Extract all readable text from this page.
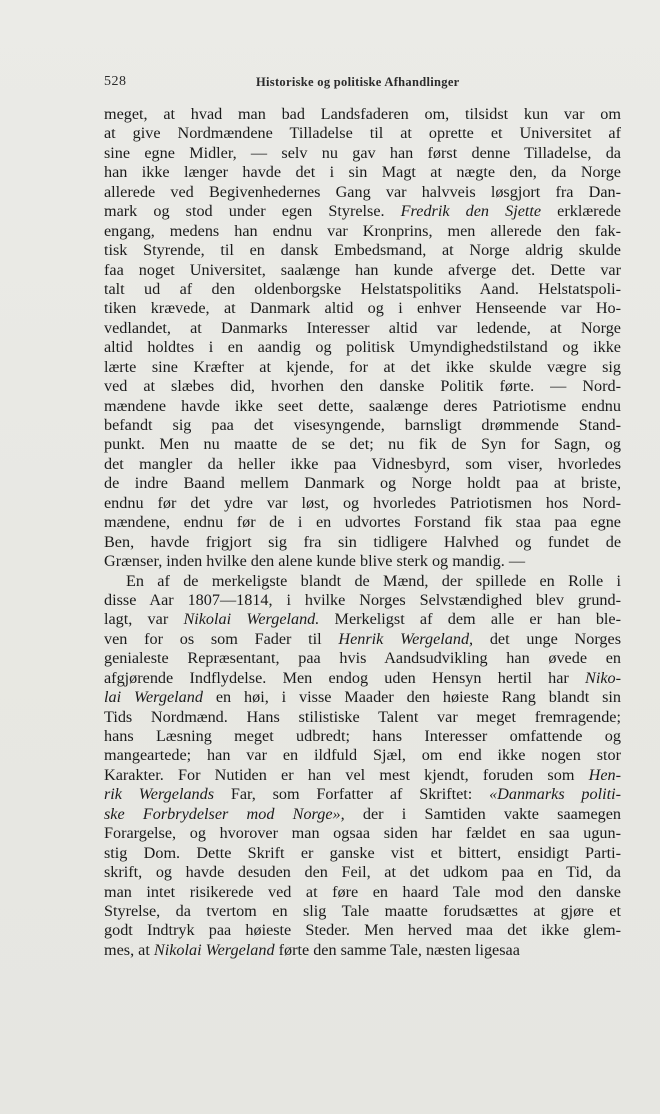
528	Historiske og politiske Afhandlinger
meget, at hvad man bad Landsfaderen om, tilsidst kun var om
at give Nordmændene Tilladelse til at oprette et Universitet af
sine egne Midler, — selv nu gav han først denne Tilladelse, da
han ikke længer havde det i sin Magt at nægte den, da Norge
allerede ved Begivenhedernes Gang var halvveis løsgjort fra Dan-
mark og stod under egen Styrelse. Fredrik den Sjette erklærede
engang, medens han endnu var Kronprins, men allerede den fak-
tisk Styrende, til en dansk Embedsmand, at Norge aldrig skulde
faa noget Universitet, saalænge han kunde afverge det. Dette var
talt ud af den oldenborgske Helstatspolitiks Aand. Helstatspoli-
tiken krævede, at Danmark altid og i enhver Henseende var Ho-
vedlandet, at Danmarks Interesser altid var ledende, at Norge
altid holdtes i en aandig og politisk Umyndighedstilstand og ikke
lærte sine Kræfter at kjende, for at det ikke skulde vægre sig
ved at slæbes did, hvorhen den danske Politik førte. — Nord-
mændene havde ikke seet dette, saalænge deres Patriotisme endnu
befandt sig paa det visesyngende, barnsligt drømmende Stand-
punkt. Men nu maatte de se det; nu fik de Syn for Sagn, og
det mangler da heller ikke paa Vidnesbyrd, som viser, hvorledes
de indre Baand mellem Danmark og Norge holdt paa at briste,
endnu før det ydre var løst, og hvorledes Patriotismen hos Nord-
mændene, endnu før de i en udvortes Forstand fik staa paa egne
Ben, havde frigjort sig fra sin tidligere Halvhed og fundet de
Grænser, inden hvilke den alene kunde blive sterk og mandig. —
En af de merkeligste blandt de Mænd, der spillede en Rolle i
disse Aar 1807—1814, i hvilke Norges Selvstændighed blev grund-
lagt, var Nikolai Wergeland. Merkeligst af dem alle er han ble-
ven for os som Fader til Henrik Wergeland, det unge Norges
genialeste Repræsentant, paa hvis Aandsudvikling han øvede en
afgjørende Indflydelse. Men endog uden Hensyn hertil har Niko-
lai Wergeland en høi, i visse Maader den høieste Rang blandt sin
Tids Nordmænd. Hans stilistiske Talent var meget fremragende;
hans Læsning meget udbredt; hans Interesser omfattende og
mangeartede; han var en ildfuld Sjæl, om end ikke nogen stor
Karakter. For Nutiden er han vel mest kjendt, foruden som Hen-
rik Wergelands Far, som Forfatter af Skriftet: «Danmarks politi-
ske Forbrydelser mod Norge», der i Samtiden vakte saamegen
Forargelse, og hvorover man ogsaa siden har fældet en saa ugun-
stig Dom. Dette Skrift er ganske vist et bittert, ensidigt Parti-
skrift, og havde desuden den Feil, at det udkom paa en Tid, da
man intet risikerede ved at føre en haard Tale mod den danske
Styrelse, da tvertom en slig Tale maatte forudsættes at gjøre et
godt Indtryk paa høieste Steder. Men herved maa det ikke glem-
mes, at Nikolai Wergeland førte den samme Tale, næsten ligesaa
